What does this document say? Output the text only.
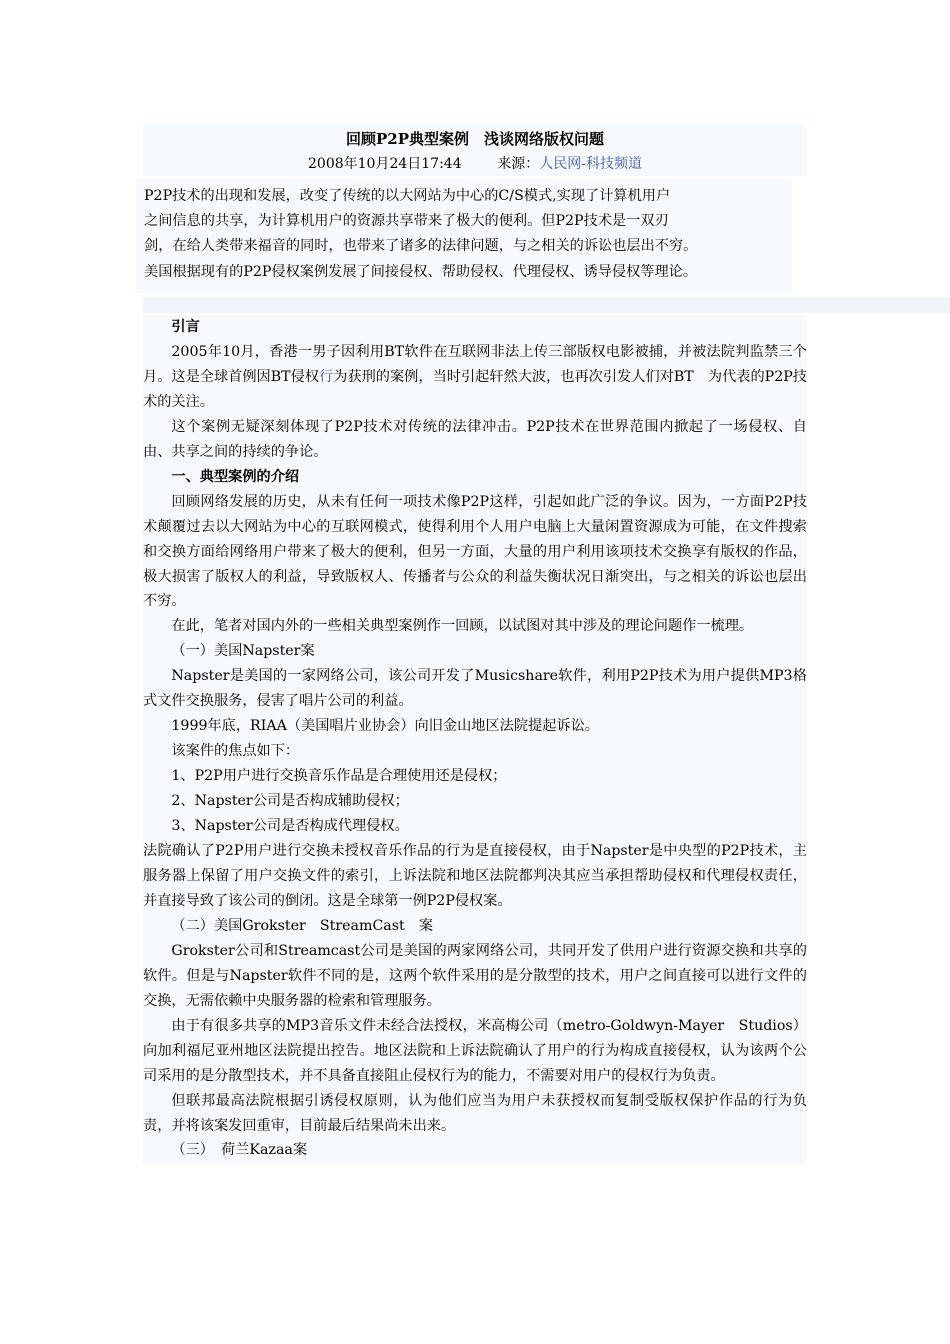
回顾P2P典型案例　浅谈网络版权问题
2008年10月24日17:44	来源：人民网-科技频道

P2P技术的出现和发展，改变了传统的以大网站为中心的C/S模式,实现了计算机用户

之间信息的共享，为计算机用户的资源共享带来了极大的便利。但P2P技术是一双刃

剑，在给人类带来福音的同时，也带来了诸多的法律问题，与之相关的诉讼也层出不穷。

美国根据现有的P2P侵权案例发展了间接侵权、帮助侵权、代理侵权、诱导侵权等理论。

引言

2005年10月，香港一男子因利用BT软件在互联网非法上传三部版权电影被捕，并被法院判监禁三个月。这是全球首例因BT侵权行为获刑的案例，当时引起轩然大波，也再次引发人们对BT　为代表的P2P技术的关注。

这个案例无疑深刻体现了P2P技术对传统的法律冲击。P2P技术在世界范围内掀起了一场侵权、自由、共享之间的持续的争论。

一、典型案例的介绍

回顾网络发展的历史，从未有任何一项技术像P2P这样，引起如此广泛的争议。因为，一方面P2P技术颠覆过去以大网站为中心的互联网模式，使得利用个人用户电脑上大量闲置资源成为可能，在文件搜索和交换方面给网络用户带来了极大的便利，但另一方面，大量的用户利用该项技术交换享有版权的作品，极大损害了版权人的利益，导致版权人、传播者与公众的利益失衡状况日渐突出，与之相关的诉讼也层出不穷。

在此，笔者对国内外的一些相关典型案例作一回顾，以试图对其中涉及的理论问题作一梳理。

（一）美国Napster案

Napster是美国的一家网络公司，该公司开发了Musicshare软件，利用P2P技术为用户提供MP3格式文件交换服务，侵害了唱片公司的利益。

1999年底，RIAA（美国唱片业协会）向旧金山地区法院提起诉讼。

该案件的焦点如下：

1、P2P用户进行交换音乐作品是合理使用还是侵权；

2、Napster公司是否构成辅助侵权；

3、Napster公司是否构成代理侵权。

法院确认了P2P用户进行交换未授权音乐作品的行为是直接侵权，由于Napster是中央型的P2P技术，主服务器上保留了用户交换文件的索引，上诉法院和地区法院都判决其应当承担帮助侵权和代理侵权责任，并直接导致了该公司的倒闭。这是全球第一例P2P侵权案。

（二）美国Grokster　StreamCast　案

Grokster公司和Streamcast公司是美国的两家网络公司，共同开发了供用户进行资源交换和共享的软件。但是与Napster软件不同的是，这两个软件采用的是分散型的技术，用户之间直接可以进行文件的交换，无需依赖中央服务器的检索和管理服务。

由于有很多共享的MP3音乐文件未经合法授权，米高梅公司（metro-Goldwyn-Mayer　Studios）向加利福尼亚州地区法院提出控告。地区法院和上诉法院确认了用户的行为构成直接侵权，认为该两个公司采用的是分散型技术，并不具备直接阻止侵权行为的能力，不需要对用户的侵权行为负责。

但联邦最高法院根据引诱侵权原则，认为他们应当为用户未获授权而复制受版权保护作品的行为负责，并将该案发回重审，目前最后结果尚未出来。

（三）　荷兰Kazaa案
